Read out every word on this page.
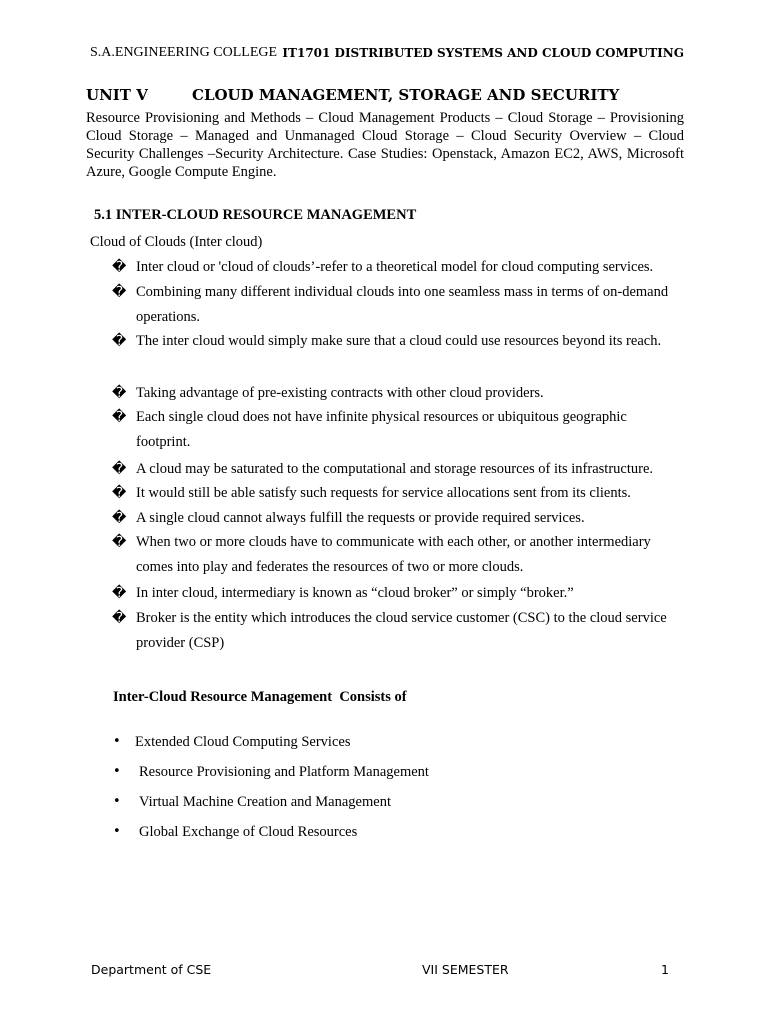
S.A.ENGINEERING COLLEGE IT1701 DISTRIBUTED SYSTEMS AND CLOUD COMPUTING
UNIT V	CLOUD MANAGEMENT, STORAGE AND SECURITY
Resource Provisioning and Methods – Cloud Management Products – Cloud Storage – Provisioning Cloud Storage – Managed and Unmanaged Cloud Storage – Cloud Security Overview – Cloud Security Challenges –Security Architecture. Case Studies: Openstack, Amazon EC2, AWS, Microsoft Azure, Google Compute Engine.
5.1 INTER-CLOUD RESOURCE MANAGEMENT
Cloud of Clouds (Inter cloud)
� Inter cloud or 'cloud of clouds’-refer to a theoretical model for cloud computing services.
� Combining many different individual clouds into one seamless mass in terms of on-demand operations.
� The inter cloud would simply make sure that a cloud could use resources beyond its reach.
� Taking advantage of pre-existing contracts with other cloud providers.
� Each single cloud does not have infinite physical resources or ubiquitous geographic footprint.
� A cloud may be saturated to the computational and storage resources of its infrastructure.
� It would still be able satisfy such requests for service allocations sent from its clients.
� A single cloud cannot always fulfill the requests or provide required services.
� When two or more clouds have to communicate with each other, or another intermediary comes into play and federates the resources of two or more clouds.
� In inter cloud, intermediary is known as “cloud broker” or simply “broker.”
� Broker is the entity which introduces the cloud service customer (CSC) to the cloud service provider (CSP)
Inter-Cloud Resource Management  Consists of
• Extended Cloud Computing Services
• Resource Provisioning and Platform Management
• Virtual Machine Creation and Management
• Global Exchange of Cloud Resources
Department of CSE	VII SEMESTER	1
